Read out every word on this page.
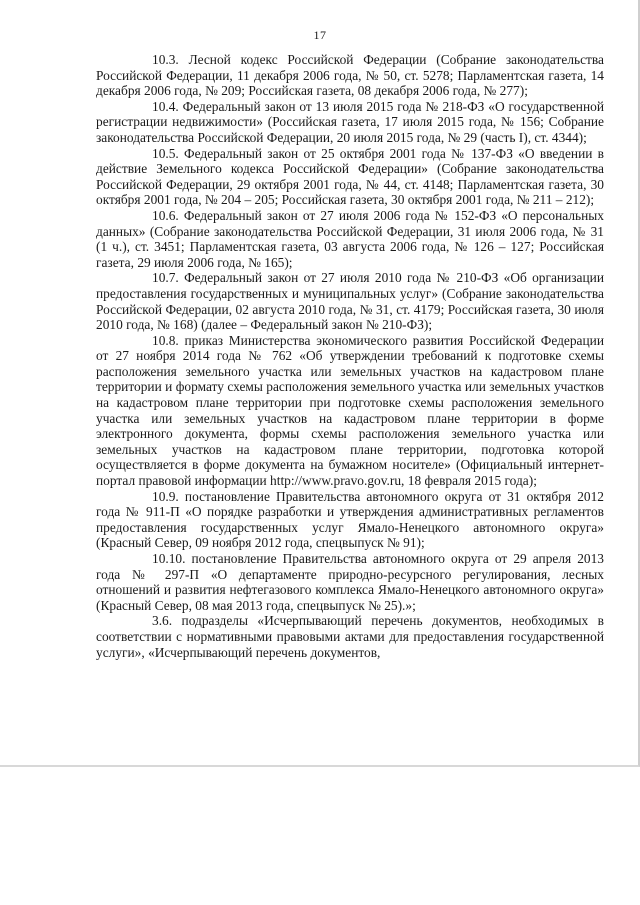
17

10.3. Лесной кодекс Российской Федерации (Собрание законодательства Российской Федерации, 11 декабря 2006 года, № 50, ст. 5278; Парламентская газета, 14 декабря 2006 года, № 209; Российская газета, 08 декабря 2006 года, № 277);

10.4. Федеральный закон от 13 июля 2015 года № 218-ФЗ «О государственной регистрации недвижимости» (Российская газета, 17 июля 2015 года, № 156; Собрание законодательства Российской Федерации, 20 июля 2015 года, № 29 (часть I), ст. 4344);

10.5. Федеральный закон от 25 октября 2001 года № 137-ФЗ «О введении в действие Земельного кодекса Российской Федерации» (Собрание законодательства Российской Федерации, 29 октября 2001 года, № 44, ст. 4148; Парламентская газета, 30 октября 2001 года, № 204 – 205; Российская газета, 30 октября 2001 года, № 211 – 212);

10.6. Федеральный закон от 27 июля 2006 года № 152-ФЗ «О персональных данных» (Собрание законодательства Российской Федерации, 31 июля 2006 года, № 31 (1 ч.), ст. 3451; Парламентская газета, 03 августа 2006 года, № 126 – 127; Российская газета, 29 июля 2006 года, № 165);

10.7. Федеральный закон от 27 июля 2010 года № 210-ФЗ «Об организации предоставления государственных и муниципальных услуг» (Собрание законодательства Российской Федерации, 02 августа 2010 года, № 31, ст. 4179; Российская газета, 30 июля 2010 года, № 168) (далее – Федеральный закон № 210-ФЗ);

10.8. приказ Министерства экономического развития Российской Федерации от 27 ноября 2014 года № 762 «Об утверждении требований к подготовке схемы расположения земельного участка или земельных участков на кадастровом плане территории и формату схемы расположения земельного участка или земельных участков на кадастровом плане территории при подготовке схемы расположения земельного участка или земельных участков на кадастровом плане территории в форме электронного документа, формы схемы расположения земельного участка или земельных участков на кадастровом плане территории, подготовка которой осуществляется в форме документа на бумажном носителе» (Официальный интернет-портал правовой информации http://www.pravo.gov.ru, 18 февраля 2015 года);

10.9. постановление Правительства автономного округа от 31 октября 2012 года № 911-П «О порядке разработки и утверждения административных регламентов предоставления государственных услуг Ямало-Ненецкого автономного округа» (Красный Север, 09 ноября 2012 года, спецвыпуск № 91);

10.10. постановление Правительства автономного округа от 29 апреля 2013 года № 297-П «О департаменте природно-ресурсного регулирования, лесных отношений и развития нефтегазового комплекса Ямало-Ненецкого автономного округа» (Красный Север, 08 мая 2013 года, спецвыпуск № 25).»;

3.6. подразделы «Исчерпывающий перечень документов, необходимых в соответствии с нормативными правовыми актами для предоставления государственной услуги», «Исчерпывающий перечень документов,
